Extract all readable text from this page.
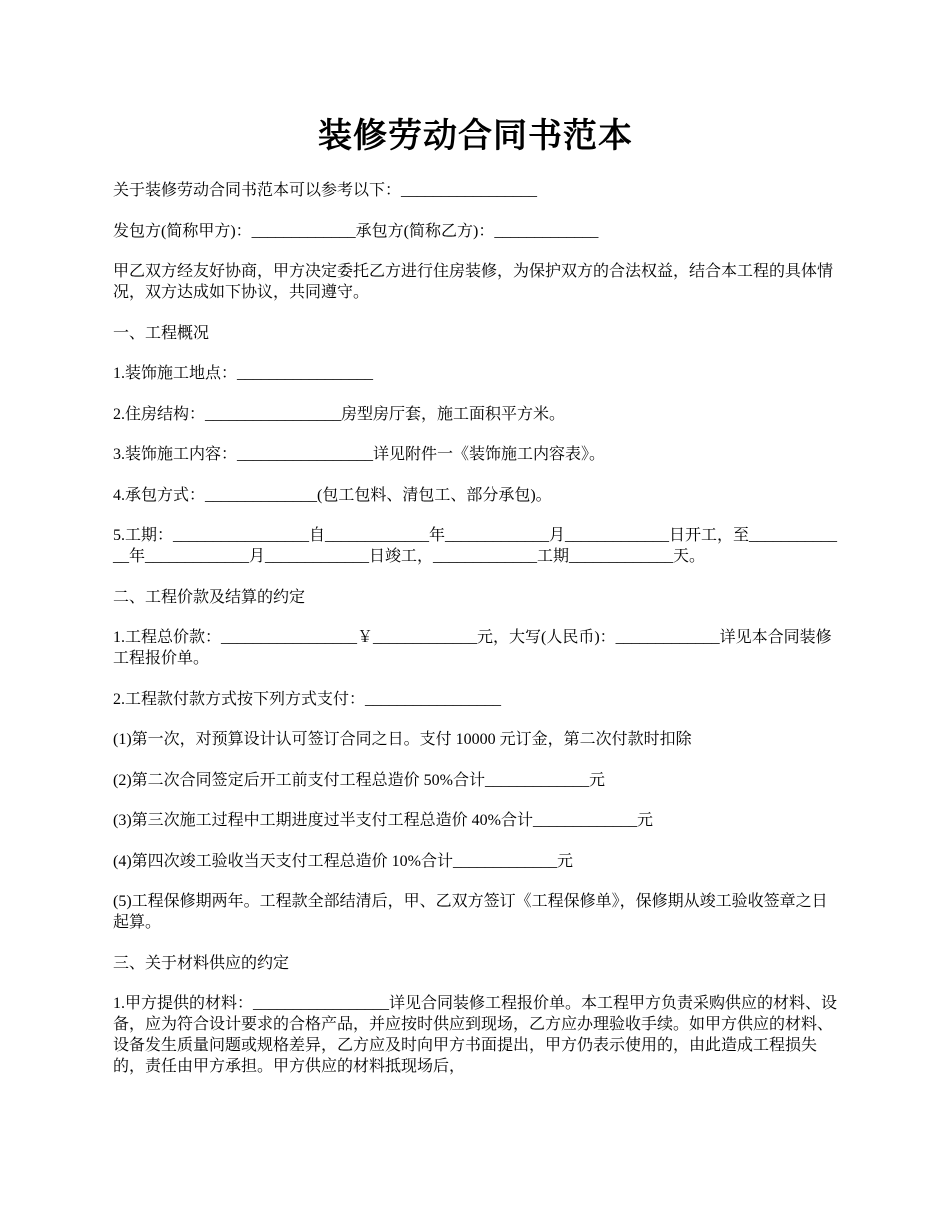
装修劳动合同书范本

关于装修劳动合同书范本可以参考以下：_________________

发包方(简称甲方)：_____________承包方(简称乙方)：_____________

甲乙双方经友好协商，甲方决定委托乙方进行住房装修，为保护双方的合法权益，结合本工程的具体情况，双方达成如下协议，共同遵守。

一、工程概况

1.装饰施工地点：_________________

2.住房结构：_________________房型房厅套，施工面积平方米。

3.装饰施工内容：_________________详见附件一《装饰施工内容表》。

4.承包方式：______________(包工包料、清包工、部分承包)。

5.工期：_________________自_____________年_____________月_____________日开工，至_____________年_____________月_____________日竣工，_____________工期_____________天。

二、工程价款及结算的约定

1.工程总价款：_________________￥_____________元，大写(人民币)：_____________详见本合同装修工程报价单。

2.工程款付款方式按下列方式支付：_________________

(1)第一次，对预算设计认可签订合同之日。支付 10000 元订金，第二次付款时扣除

(2)第二次合同签定后开工前支付工程总造价 50%合计_____________元

(3)第三次施工过程中工期进度过半支付工程总造价 40%合计_____________元

(4)第四次竣工验收当天支付工程总造价 10%合计_____________元

(5)工程保修期两年。工程款全部结清后，甲、乙双方签订《工程保修单》，保修期从竣工验收签章之日起算。

三、关于材料供应的约定

1.甲方提供的材料：_________________详见合同装修工程报价单。本工程甲方负责采购供应的材料、设备，应为符合设计要求的合格产品，并应按时供应到现场，乙方应办理验收手续。如甲方供应的材料、设备发生质量问题或规格差异，乙方应及时向甲方书面提出，甲方仍表示使用的，由此造成工程损失的，责任由甲方承担。甲方供应的材料抵现场后，
